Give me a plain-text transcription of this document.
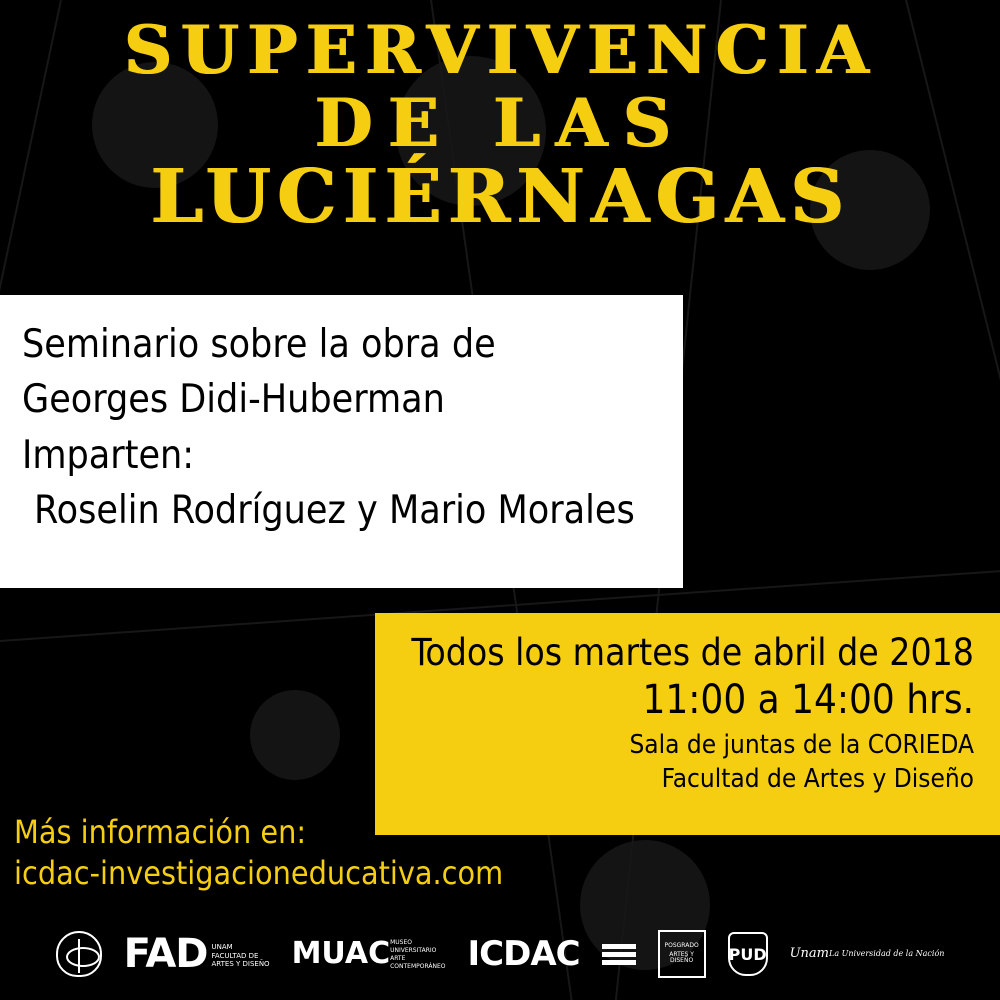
SUPERVIVENCIA
DE LAS
LUCIÉRNAGAS
Seminario sobre la obra de
Georges Didi-Huberman
Imparten:
Roselin Rodríguez y Mario Morales
Todos los martes de abril de 2018
11:00 a 14:00 hrs.
Sala de juntas de la CORIEDA
Facultad de Artes y Diseño
Más información en:
icdac-investigacioneducativa.com
FAD UNAM
FACULTAD DE
ARTES Y DISEÑO MUAC MUSEO
UNIVERSITARIO
ARTE
CONTEMPORÁNEO ICDAC	POSGRADO
ARTES Y DISEÑO	PUD Unam La Universidad de la Nación
